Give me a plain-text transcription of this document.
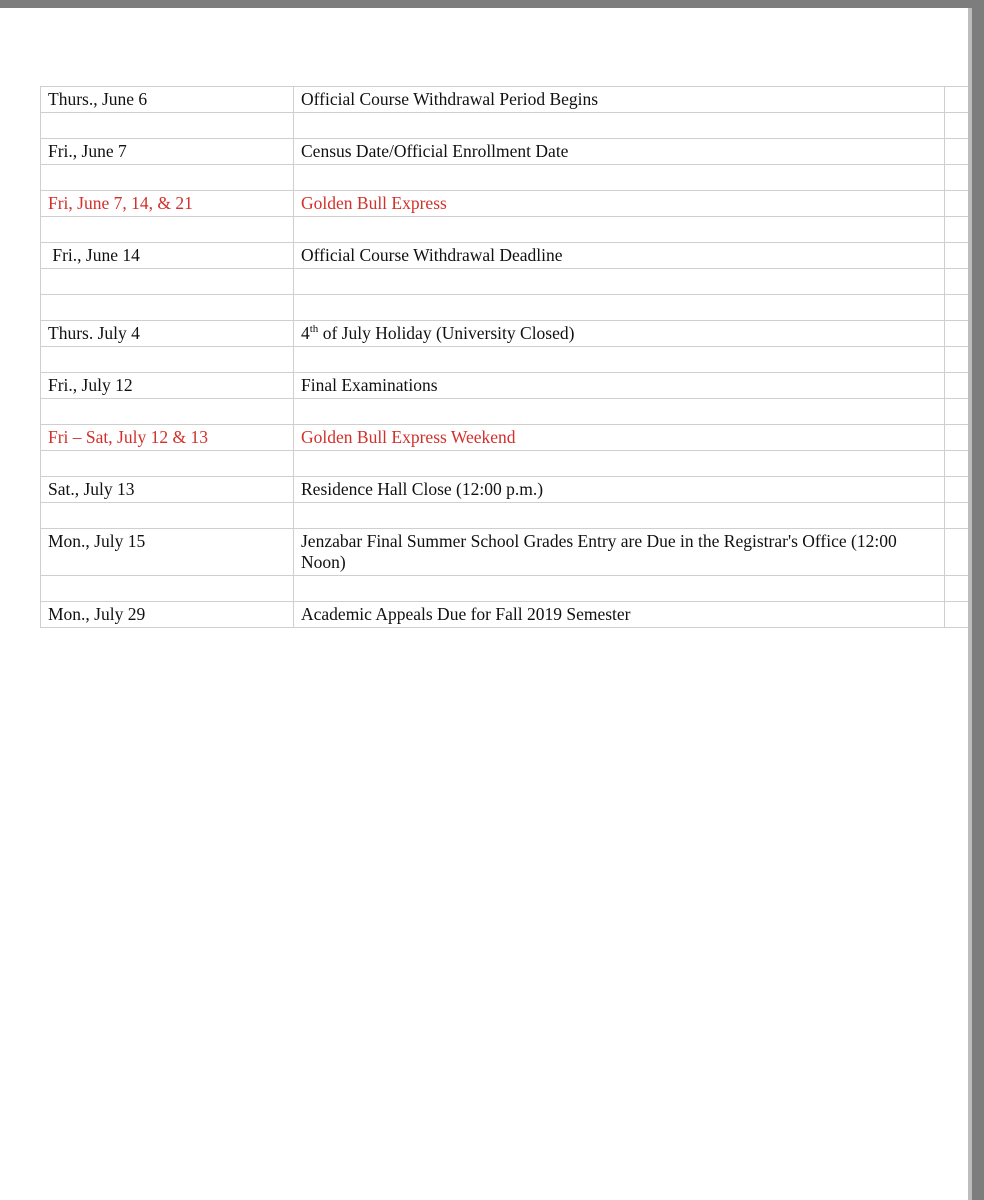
Thurs., June 6	Official Course Withdrawal Period Begins	

Fri., June 7	Census Date/Official Enrollment Date	

Fri, June 7, 14, & 21	Golden Bull Express	

Fri., June 14	Official Course Withdrawal Deadline	

Thurs. July 4	4th of July Holiday (University Closed)	

Fri., July 12	Final Examinations	

Fri – Sat, July 12 & 13	Golden Bull Express Weekend	

Sat., July 13	Residence Hall Close (12:00 p.m.)	

Mon., July 15	Jenzabar Final Summer School Grades Entry are Due in the Registrar's Office (12:00 Noon)	

Mon., July 29	Academic Appeals Due for Fall 2019 Semester	
